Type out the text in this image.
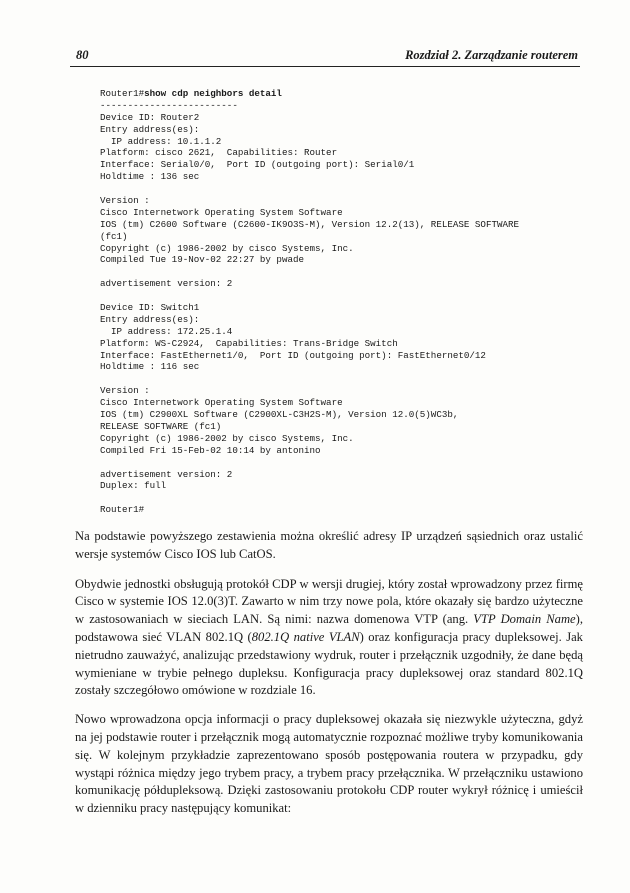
80	Rozdział 2. Zarządzanie routerem
Router1#show cdp neighbors detail
-------------------------
Device ID: Router2
Entry address(es):
IP address: 10.1.1.2
Platform: cisco 2621,  Capabilities: Router
Interface: Serial0/0,  Port ID (outgoing port): Serial0/1
Holdtime : 136 sec
Version :
Cisco Internetwork Operating System Software
IOS (tm) C2600 Software (C2600-IK9O3S-M), Version 12.2(13), RELEASE SOFTWARE
(fc1)
Copyright (c) 1986-2002 by cisco Systems, Inc.
Compiled Tue 19-Nov-02 22:27 by pwade
advertisement version: 2
Device ID: Switch1
Entry address(es):
IP address: 172.25.1.4
Platform: WS-C2924,  Capabilities: Trans-Bridge Switch
Interface: FastEthernet1/0,  Port ID (outgoing port): FastEthernet0/12
Holdtime : 116 sec
Version :
Cisco Internetwork Operating System Software
IOS (tm) C2900XL Software (C2900XL-C3H2S-M), Version 12.0(5)WC3b,
RELEASE SOFTWARE (fc1)
Copyright (c) 1986-2002 by cisco Systems, Inc.
Compiled Fri 15-Feb-02 10:14 by antonino
advertisement version: 2
Duplex: full
Router1#

Na podstawie powyższego zestawienia można określić adresy IP urządzeń sąsiednich oraz ustalić wersje systemów Cisco IOS lub CatOS.

Obydwie jednostki obsługują protokół CDP w wersji drugiej, który został wprowadzony przez firmę Cisco w systemie IOS 12.0(3)T. Zawarto w nim trzy nowe pola, które okazały się bardzo użyteczne w zastosowaniach w sieciach LAN. Są nimi: nazwa domenowa VTP (ang. VTP Domain Name), podstawowa sieć VLAN 802.1Q (802.1Q native VLAN) oraz konfiguracja pracy dupleksowej. Jak nietrudno zauważyć, analizując przedstawiony wydruk, router i przełącznik uzgodniły, że dane będą wymieniane w trybie pełnego dupleksu. Konfiguracja pracy dupleksowej oraz standard 802.1Q zostały szczegółowo omówione w rozdziale 16.

Nowo wprowadzona opcja informacji o pracy dupleksowej okazała się niezwykle użyteczna, gdyż na jej podstawie router i przełącznik mogą automatycznie rozpoznać możliwe tryby komunikowania się. W kolejnym przykładzie zaprezentowano sposób postępowania routera w przypadku, gdy wystąpi różnica między jego trybem pracy, a trybem pracy przełącznika. W przełączniku ustawiono komunikację półdupleksową. Dzięki zastosowaniu protokołu CDP router wykrył różnicę i umieścił w dzienniku pracy następujący komunikat:
